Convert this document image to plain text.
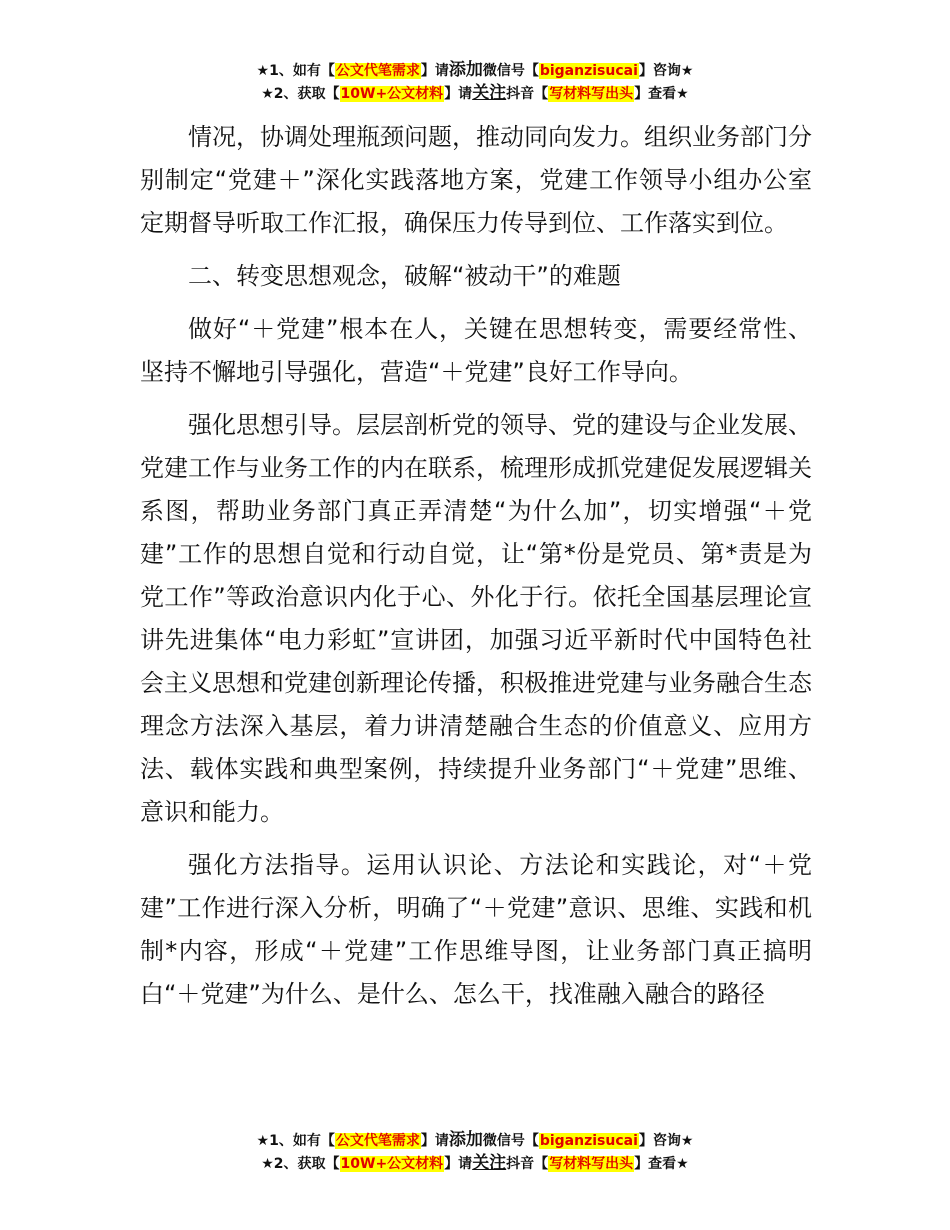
★1、如有【公文代笔需求】请添加微信号【biganzisucai】咨询★
★2、获取【10W+公文材料】请关注抖音【写材料写出头】查看★

情况，协调处理瓶颈问题，推动同向发力。组织业务部门分别制定“党建＋”深化实践落地方案，党建工作领导小组办公室定期督导听取工作汇报，确保压力传导到位、工作落实到位。

二、转变思想观念，破解“被动干”的难题

做好“＋党建”根本在人，关键在思想转变，需要经常性、坚持不懈地引导强化，营造“＋党建”良好工作导向。

强化思想引导。层层剖析党的领导、党的建设与企业发展、党建工作与业务工作的内在联系，梳理形成抓党建促发展逻辑关系图，帮助业务部门真正弄清楚“为什么加”，切实增强“＋党建”工作的思想自觉和行动自觉，让“第*份是党员、第*责是为党工作”等政治意识内化于心、外化于行。依托全国基层理论宣讲先进集体“电力彩虹”宣讲团，加强习近平新时代中国特色社会主义思想和党建创新理论传播，积极推进党建与业务融合生态理念方法深入基层，着力讲清楚融合生态的价值意义、应用方法、载体实践和典型案例，持续提升业务部门“＋党建”思维、意识和能力。

强化方法指导。运用认识论、方法论和实践论，对“＋党建”工作进行深入分析，明确了“＋党建”意识、思维、实践和机制*内容，形成“＋党建”工作思维导图，让业务部门真正搞明白“＋党建”为什么、是什么、怎么干，找准融入融合的路径

★1、如有【公文代笔需求】请添加微信号【biganzisucai】咨询★
★2、获取【10W+公文材料】请关注抖音【写材料写出头】查看★
